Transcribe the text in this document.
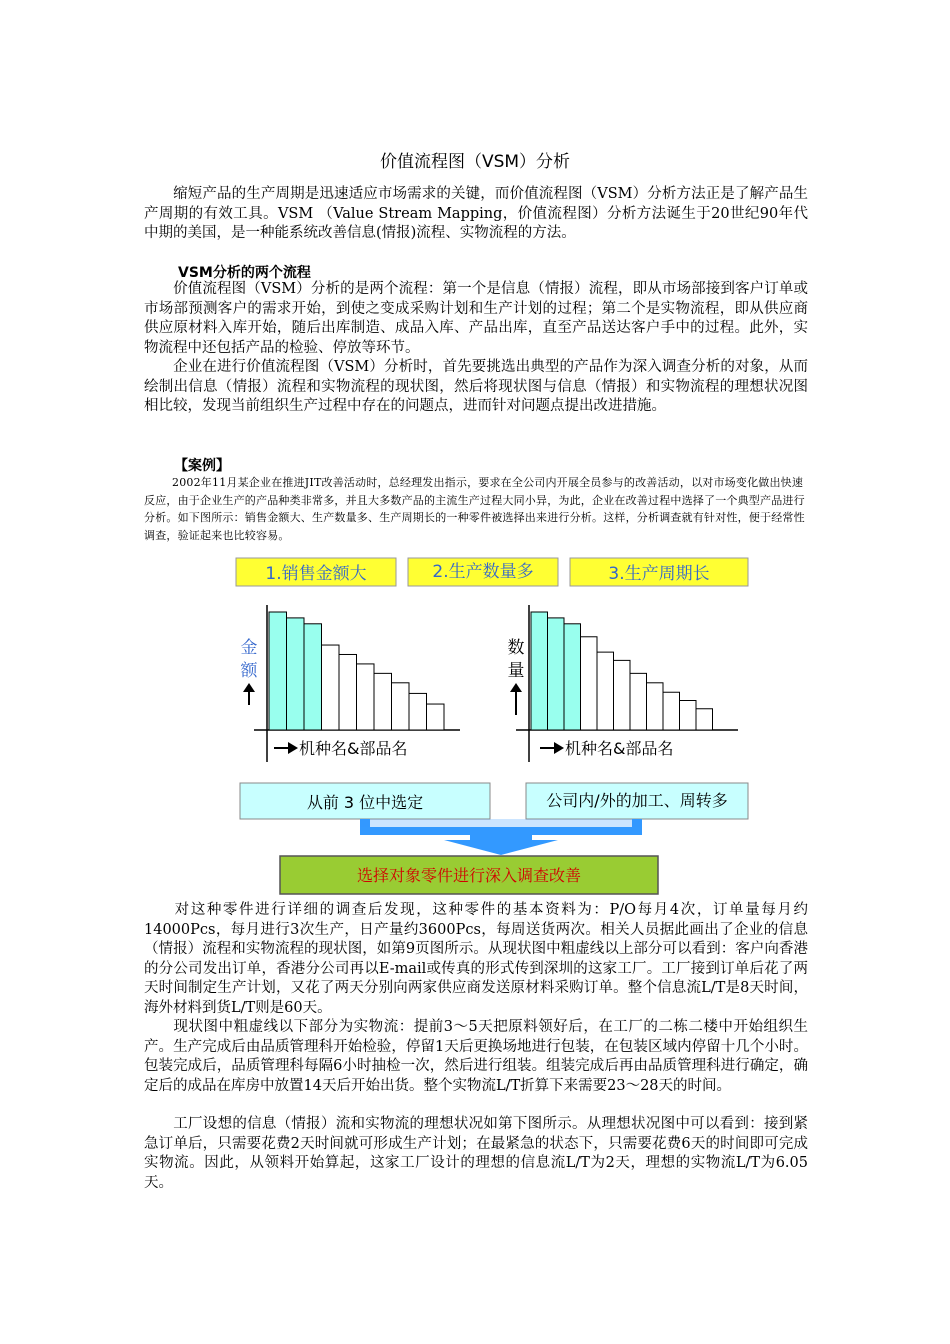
价值流程图（VSM）分析

缩短产品的生产周期是迅速适应市场需求的关键，而价值流程图（VSM）分析方法正是了解产品生产周期的有效工具。VSM （Value Stream Mapping，价值流程图）分析方法诞生于20世纪90年代中期的美国，是一种能系统改善信息(情报)流程、实物流程的方法。

VSM分析的两个流程

价值流程图（VSM）分析的是两个流程：第一个是信息（情报）流程，即从市场部接到客户订单或市场部预测客户的需求开始，到使之变成采购计划和生产计划的过程；第二个是实物流程，即从供应商供应原材料入库开始，随后出库制造、成品入库、产品出库，直至产品送达客户手中的过程。此外，实物流程中还包括产品的检验、停放等环节。

企业在进行价值流程图（VSM）分析时，首先要挑选出典型的产品作为深入调查分析的对象，从而绘制出信息（情报）流程和实物流程的现状图，然后将现状图与信息（情报）和实物流程的理想状况图相比较，发现当前组织生产过程中存在的问题点，进而针对问题点提出改进措施。

【案例】

2002年11月某企业在推进JIT改善活动时，总经理发出指示，要求在全公司内开展全员参与的改善活动，以对市场变化做出快速反应，由于企业生产的产品种类非常多，并且大多数产品的主流生产过程大同小异，为此，企业在改善过程中选择了一个典型产品进行分析。如下图所示：销售金额大、生产数量多、生产周期长的一种零件被选择出来进行分析。这样，分析调查就有针对性，便于经常性调查，验证起来也比较容易。

1.销售金额大	2.生产数量多	3.生产周期长
金
额
机种名&部品名
数
量
机种名&部品名
从前 3 位中选定	公司内/外的加工、周转多
选择对象零件进行深入调查改善

对这种零件进行详细的调查后发现，这种零件的基本资料为：P/O每月4次，订单量每月约14000Pcs，每月进行3次生产，日产量约3600Pcs，每周送货两次。相关人员据此画出了企业的信息（情报）流程和实物流程的现状图，如第9页图所示。从现状图中粗虚线以上部分可以看到：客户向香港的分公司发出订单，香港分公司再以E-mail或传真的形式传到深圳的这家工厂。工厂接到订单后花了两天时间制定生产计划，又花了两天分别向两家供应商发送原材料采购订单。整个信息流L/T是8天时间，海外材料到货L/T则是60天。

现状图中粗虚线以下部分为实物流：提前3～5天把原料领好后，在工厂的二栋二楼中开始组织生产。生产完成后由品质管理科开始检验，停留1天后更换场地进行包装，在包装区域内停留十几个小时。包装完成后，品质管理科每隔6小时抽检一次，然后进行组装。组装完成后再由品质管理科进行确定，确定后的成品在库房中放置14天后开始出货。整个实物流L/T折算下来需要23～28天的时间。

工厂设想的信息（情报）流和实物流的理想状况如第下图所示。从理想状况图中可以看到：接到紧急订单后，只需要花费2天时间就可形成生产计划；在最紧急的状态下，只需要花费6天的时间即可完成实物流。因此，从领料开始算起，这家工厂设计的理想的信息流L/T为2天，理想的实物流L/T为6.05天。
